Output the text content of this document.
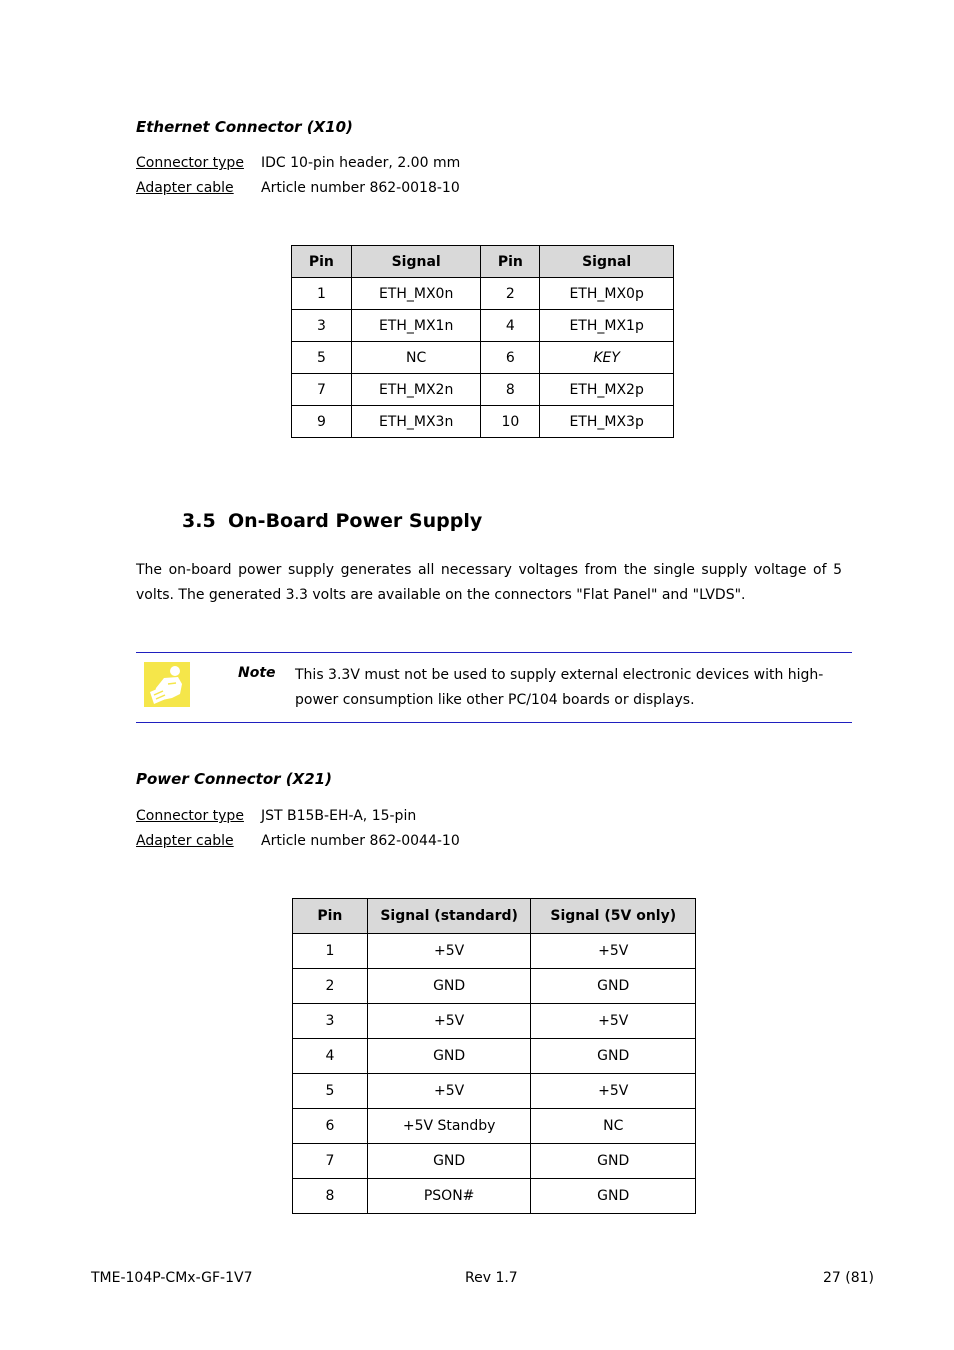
Ethernet Connector (X10)
Connector type IDC 10-pin header, 2.00 mm
Adapter cable Article number 862-0018-10
Pin	Signal	Pin	Signal
1	ETH_MX0n	2	ETH_MX0p
3	ETH_MX1n	4	ETH_MX1p
5	NC	6	KEY
7	ETH_MX2n	8	ETH_MX2p
9	ETH_MX3n	10	ETH_MX3p
3.5 On-Board Power Supply
The on-board power supply generates all necessary voltages from the single supply voltage of 5 volts. The generated 3.3 volts are available on the connectors "Flat Panel" and "LVDS".
Note This 3.3V must not be used to supply external electronic devices with high-power consumption like other PC/104 boards or displays.
Power Connector (X21)
Connector type JST B15B-EH-A, 15-pin
Adapter cable Article number 862-0044-10
Pin	Signal (standard)	Signal (5V only)
1	+5V	+5V
2	GND	GND
3	+5V	+5V
4	GND	GND
5	+5V	+5V
6	+5V Standby	NC
7	GND	GND
8	PSON#	GND
TME-104P-CMx-GF-1V7	Rev 1.7	27 (81)
